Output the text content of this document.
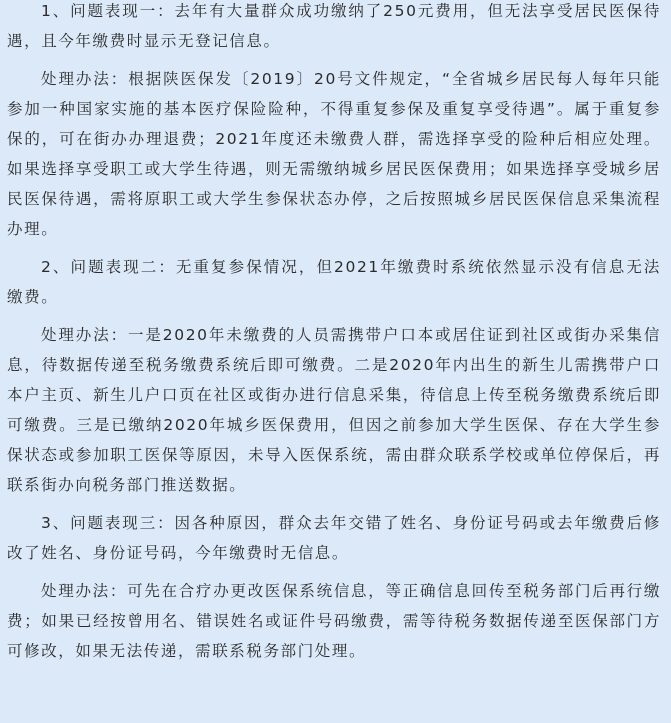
1、问题表现一：去年有大量群众成功缴纳了250元费用，但无法享受居民医保待遇，且今年缴费时显示无登记信息。

处理办法：根据陕医保发〔2019〕20号文件规定，“全省城乡居民每人每年只能参加一种国家实施的基本医疗保险险种，不得重复参保及重复享受待遇”。属于重复参保的，可在街办办理退费；2021年度还未缴费人群，需选择享受的险种后相应处理。如果选择享受职工或大学生待遇，则无需缴纳城乡居民医保费用；如果选择享受城乡居民医保待遇，需将原职工或大学生参保状态办停，之后按照城乡居民医保信息采集流程办理。

2、问题表现二：无重复参保情况，但2021年缴费时系统依然显示没有信息无法缴费。

处理办法：一是2020年未缴费的人员需携带户口本或居住证到社区或街办采集信息，待数据传递至税务缴费系统后即可缴费。二是2020年内出生的新生儿需携带户口本户主页、新生儿户口页在社区或街办进行信息采集，待信息上传至税务缴费系统后即可缴费。三是已缴纳2020年城乡医保费用，但因之前参加大学生医保、存在大学生参保状态或参加职工医保等原因，未导入医保系统，需由群众联系学校或单位停保后，再联系街办向税务部门推送数据。

3、问题表现三：因各种原因，群众去年交错了姓名、身份证号码或去年缴费后修改了姓名、身份证号码，今年缴费时无信息。

处理办法：可先在合疗办更改医保系统信息，等正确信息回传至税务部门后再行缴费；如果已经按曾用名、错误姓名或证件号码缴费，需等待税务数据传递至医保部门方可修改，如果无法传递，需联系税务部门处理。
